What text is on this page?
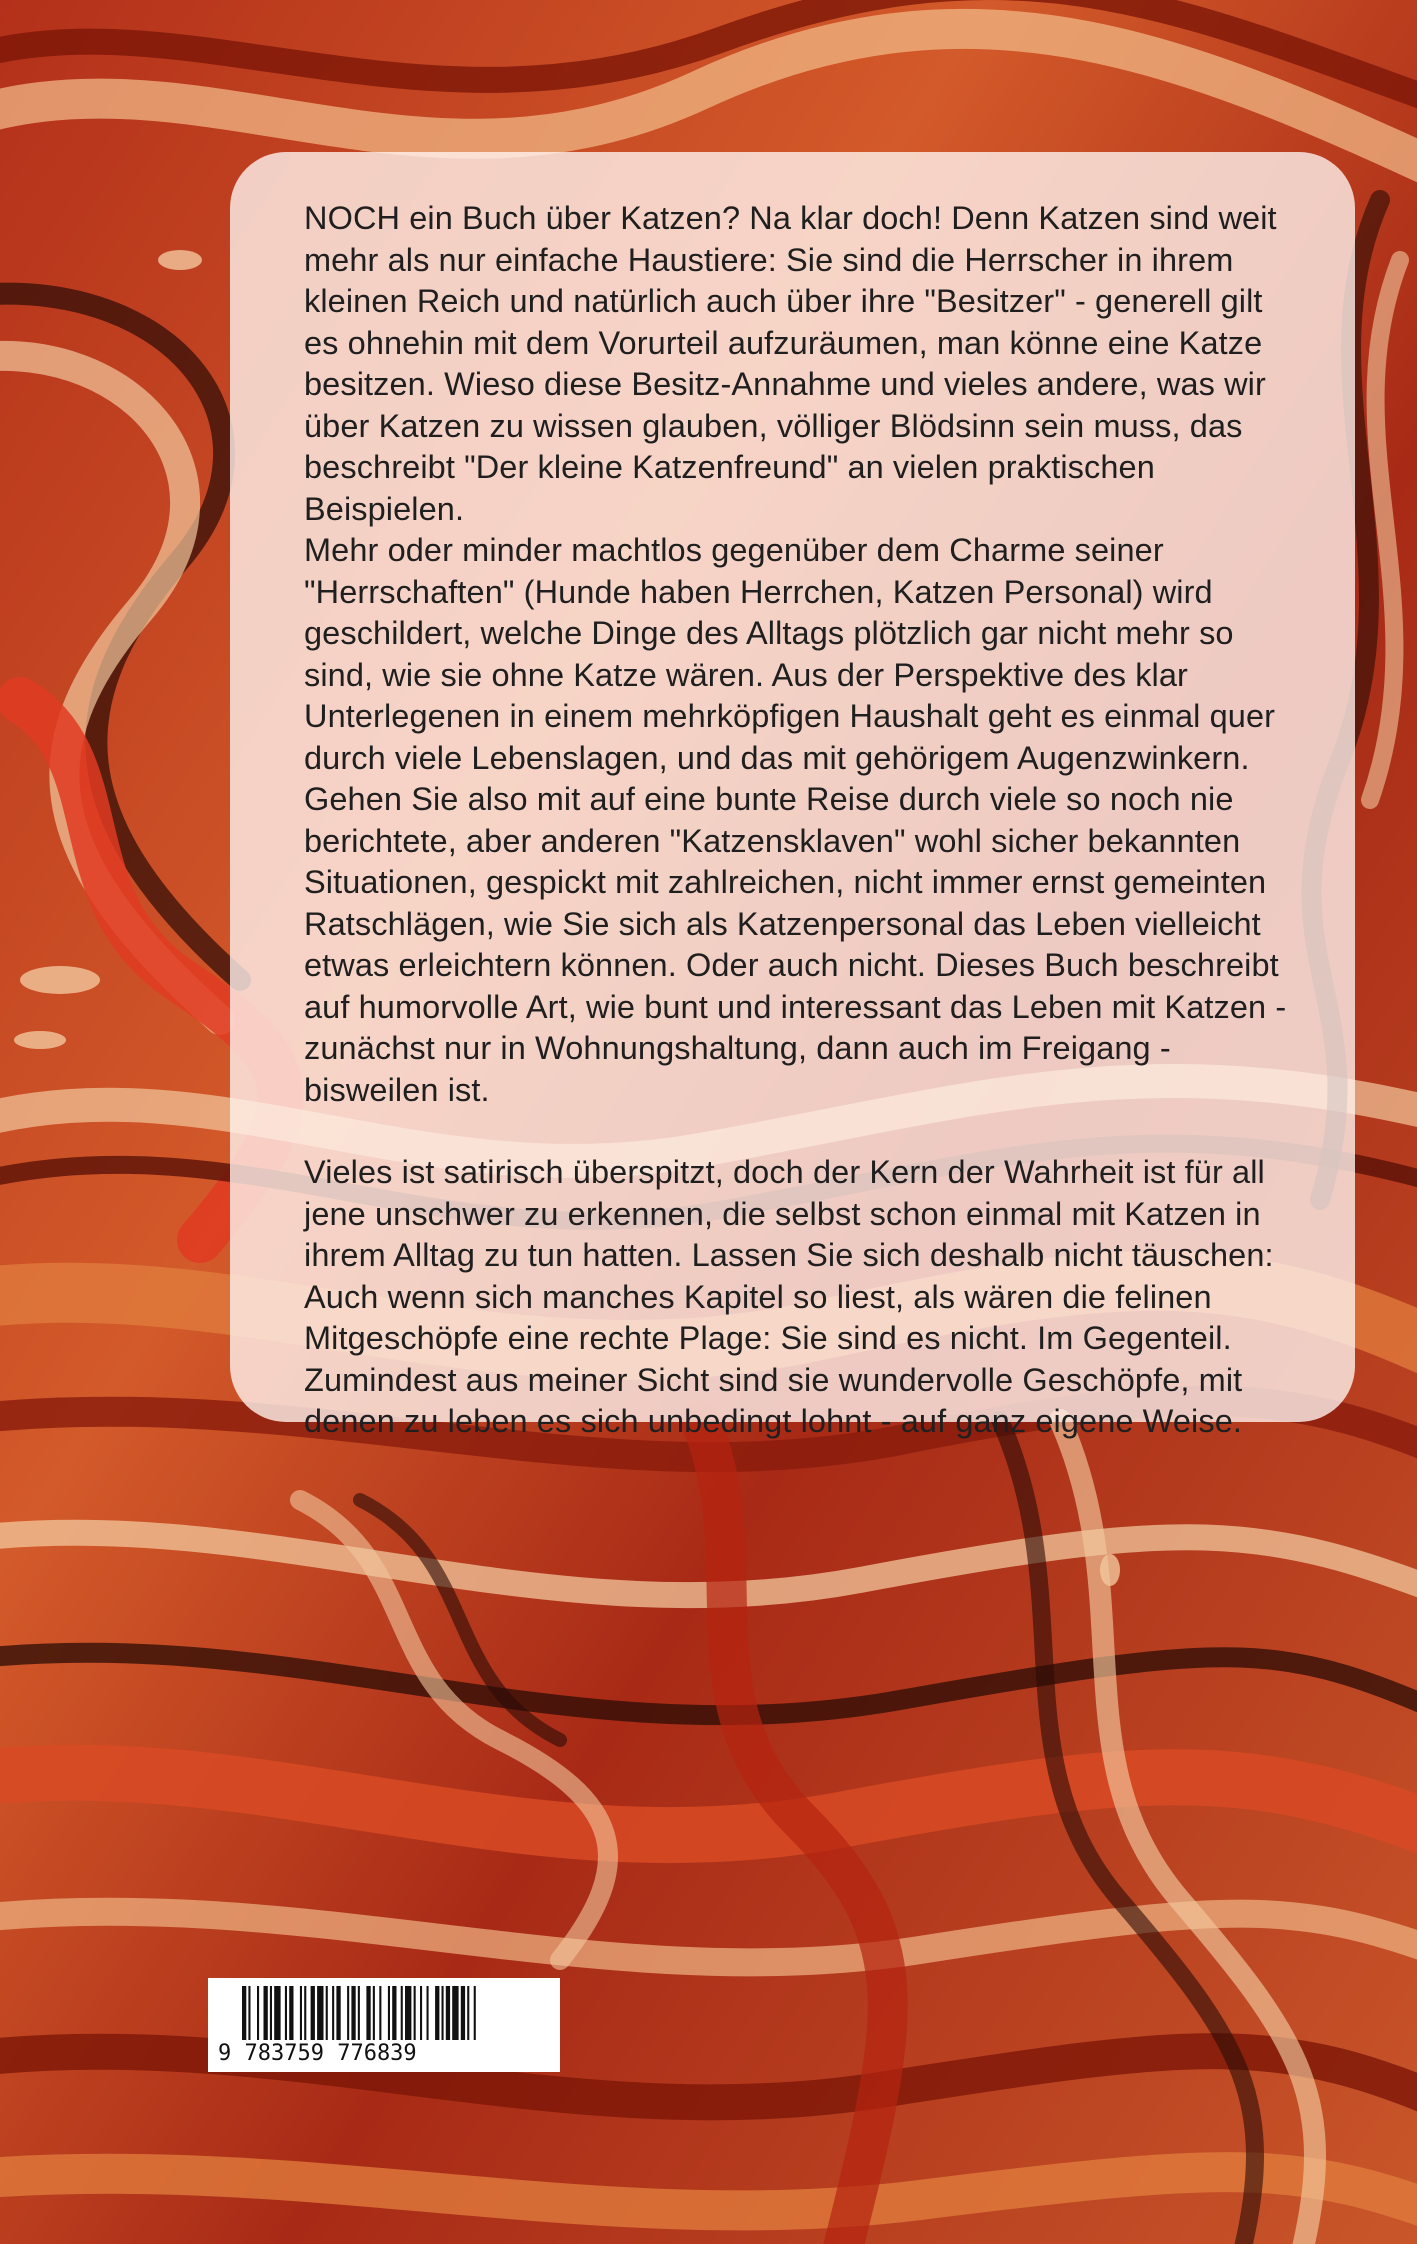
NOCH ein Buch über Katzen? Na klar doch! Denn Katzen sind weit mehr als nur einfache Haustiere: Sie sind die Herrscher in ihrem kleinen Reich und natürlich auch über ihre "Besitzer" - generell gilt es ohnehin mit dem Vorurteil aufzuräumen, man könne eine Katze besitzen. Wieso diese Besitz-Annahme und vieles andere, was wir über Katzen zu wissen glauben, völliger Blödsinn sein muss, das beschreibt "Der kleine Katzenfreund" an vielen praktischen Beispielen.

Mehr oder minder machtlos gegenüber dem Charme seiner "Herrschaften" (Hunde haben Herrchen, Katzen Personal) wird geschildert, welche Dinge des Alltags plötzlich gar nicht mehr so sind, wie sie ohne Katze wären. Aus der Perspektive des klar Unterlegenen in einem mehrköpfigen Haushalt geht es einmal quer durch viele Lebenslagen, und das mit gehörigem Augenzwinkern. Gehen Sie also mit auf eine bunte Reise durch viele so noch nie berichtete, aber anderen "Katzensklaven" wohl sicher bekannten Situationen, gespickt mit zahlreichen, nicht immer ernst gemeinten Ratschlägen, wie Sie sich als Katzenpersonal das Leben vielleicht etwas erleichtern können. Oder auch nicht. Dieses Buch beschreibt auf humorvolle Art, wie bunt und interessant das Leben mit Katzen - zunächst nur in Wohnungshaltung, dann auch im Freigang - bisweilen ist.

Vieles ist satirisch überspitzt, doch der Kern der Wahrheit ist für all jene unschwer zu erkennen, die selbst schon einmal mit Katzen in ihrem Alltag zu tun hatten. Lassen Sie sich deshalb nicht täuschen: Auch wenn sich manches Kapitel so liest, als wären die felinen Mitgeschöpfe eine rechte Plage: Sie sind es nicht. Im Gegenteil. Zumindest aus meiner Sicht sind sie wundervolle Geschöpfe, mit denen zu leben es sich unbedingt lohnt - auf ganz eigene Weise.

9 783759 776839
